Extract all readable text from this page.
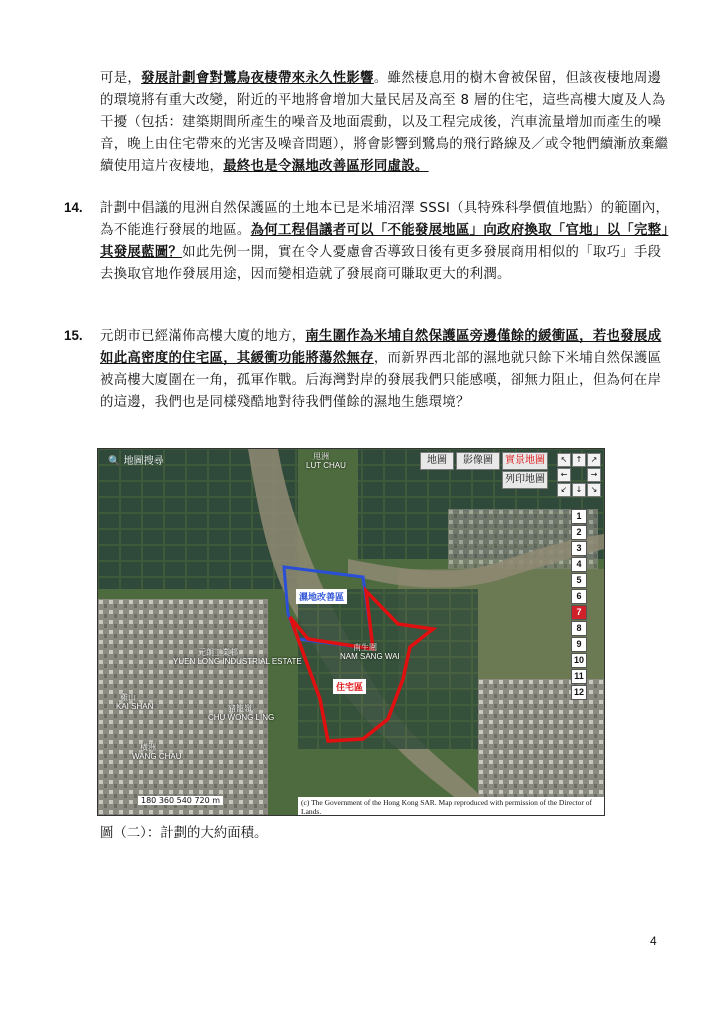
可是，發展計劃會對鷺鳥夜棲帶來永久性影響。雖然棲息用的樹木會被保留，但該夜棲地周邊的環境將有重大改變，附近的平地將會增加大量民居及高至 8 層的住宅，這些高樓大廈及人為干擾（包括：建築期間所產生的噪音及地面震動，以及工程完成後，汽車流量增加而產生的噪音，晚上由住宅帶來的光害及噪音問題），將會影響到鷺鳥的飛行路線及／或令牠們續漸放棄繼續使用這片夜棲地，最終也是令濕地改善區形同虛設。
14. 計劃中倡議的甩洲自然保護區的土地本已是米埔沼澤 SSSI（具特殊科學價值地點）的範圍內，為不能進行發展的地區。為何工程倡議者可以「不能發展地區」向政府換取「官地」以「完整」其發展藍圖？如此先例一開，實在令人憂慮會否導致日後有更多發展商用相似的「取巧」手段去換取官地作發展用途，因而變相造就了發展商可賺取更大的利潤。
15. 元朗市已經滿佈高樓大廈的地方，南生圍作為米埔自然保護區旁邊僅餘的緩衝區，若也發展成如此高密度的住宅區，其緩衝功能將蕩然無存，而新界西北部的濕地就只餘下米埔自然保護區被高樓大廈圍在一角，孤軍作戰。后海灣對岸的發展我們只能感嘆，卻無力阻止，但為何在岸的這邊，我們也是同樣殘酷地對待我們僅餘的濕地生態環境？
🔍 地圖搜尋	地圖	影像圖	實景地圖
列印地圖
↖	↑	↗
←	→
↙	↓	↘
1
2
3
4
5
6
7
8
9
10
11
12
甩洲
LUT CHAU
元朗工業邨
YUEN LONG INDUSTRIAL ESTATE
南生圍
NAM SANG WAI
雞山
KAI SHAN	豬籠嶺
CHU WONG LING
橫洲
WANG CHAU
濕地改善區
住宅區
180 360 540 720 m	(c) The Government of the Hong Kong SAR. Map reproduced with permission of the Director of Lands.
圖（二）：計劃的大約面積。
4
